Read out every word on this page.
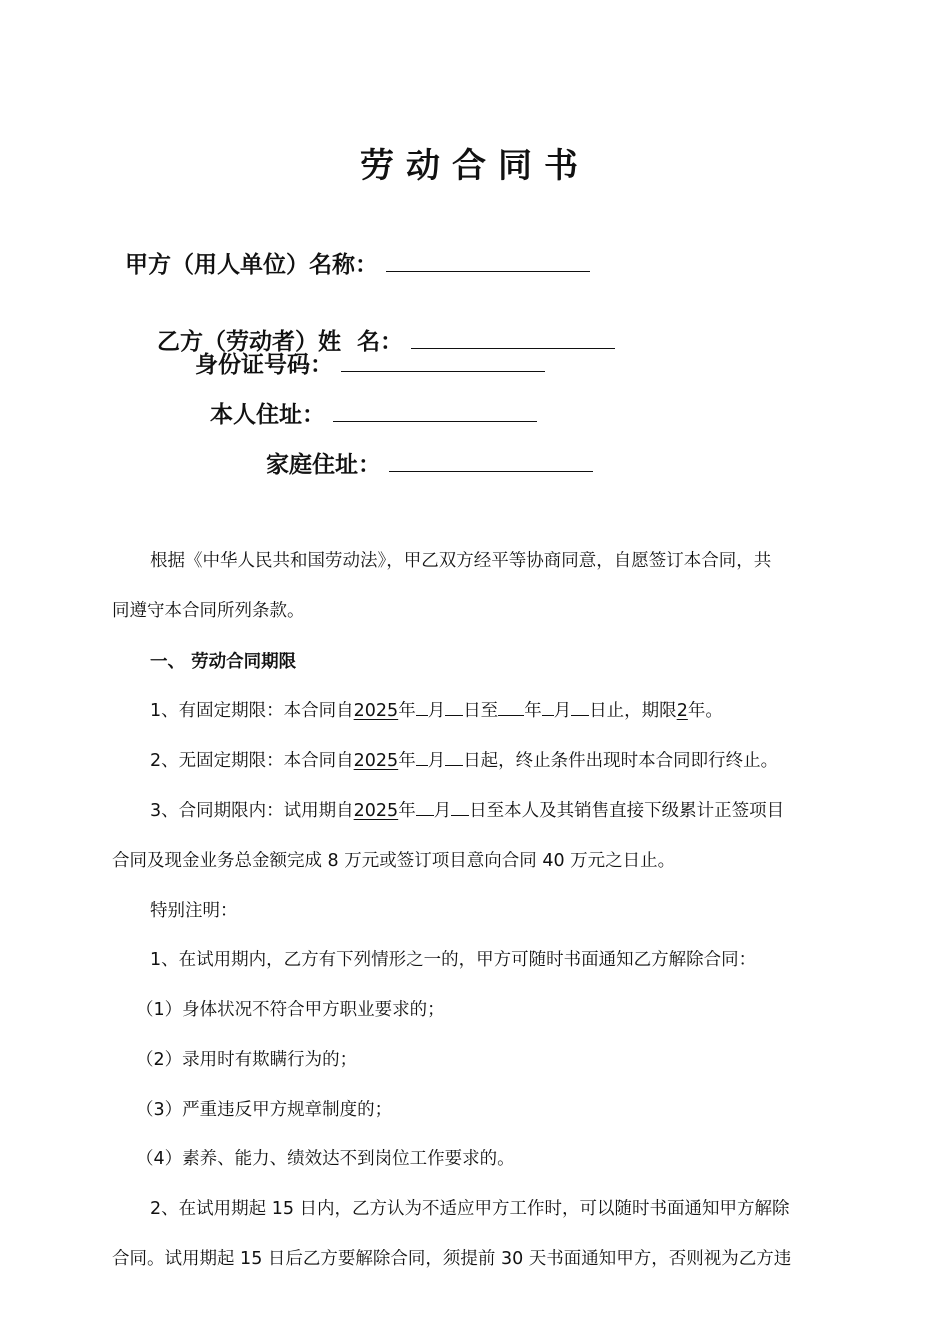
劳动合同书
甲方（用人单位）名称：

乙方（劳动者）姓  名：

身份证号码：
本人住址：
家庭住址：
根据《中华人民共和国劳动法》，甲乙双方经平等协商同意，自愿签订本合同，共
同遵守本合同所列条款。
一、 劳动合同期限
1、有固定期限：本合同自2025年 月 日至 年 月 日止，期限2年。
2、无固定期限：本合同自2025年 月 日起，终止条件出现时本合同即行终止。
3、合同期限内：试用期自2025年 月 日至本人及其销售直接下级累计正签项目
合同及现金业务总金额完成 8 万元或签订项目意向合同 40 万元之日止。
特别注明：
1、在试用期内，乙方有下列情形之一的，甲方可随时书面通知乙方解除合同：
（1）身体状况不符合甲方职业要求的；
（2）录用时有欺瞒行为的；
（3）严重违反甲方规章制度的；
（4）素养、能力、绩效达不到岗位工作要求的。
2、在试用期起 15 日内，乙方认为不适应甲方工作时，可以随时书面通知甲方解除
合同。试用期起 15 日后乙方要解除合同，须提前 30 天书面通知甲方，否则视为乙方违
